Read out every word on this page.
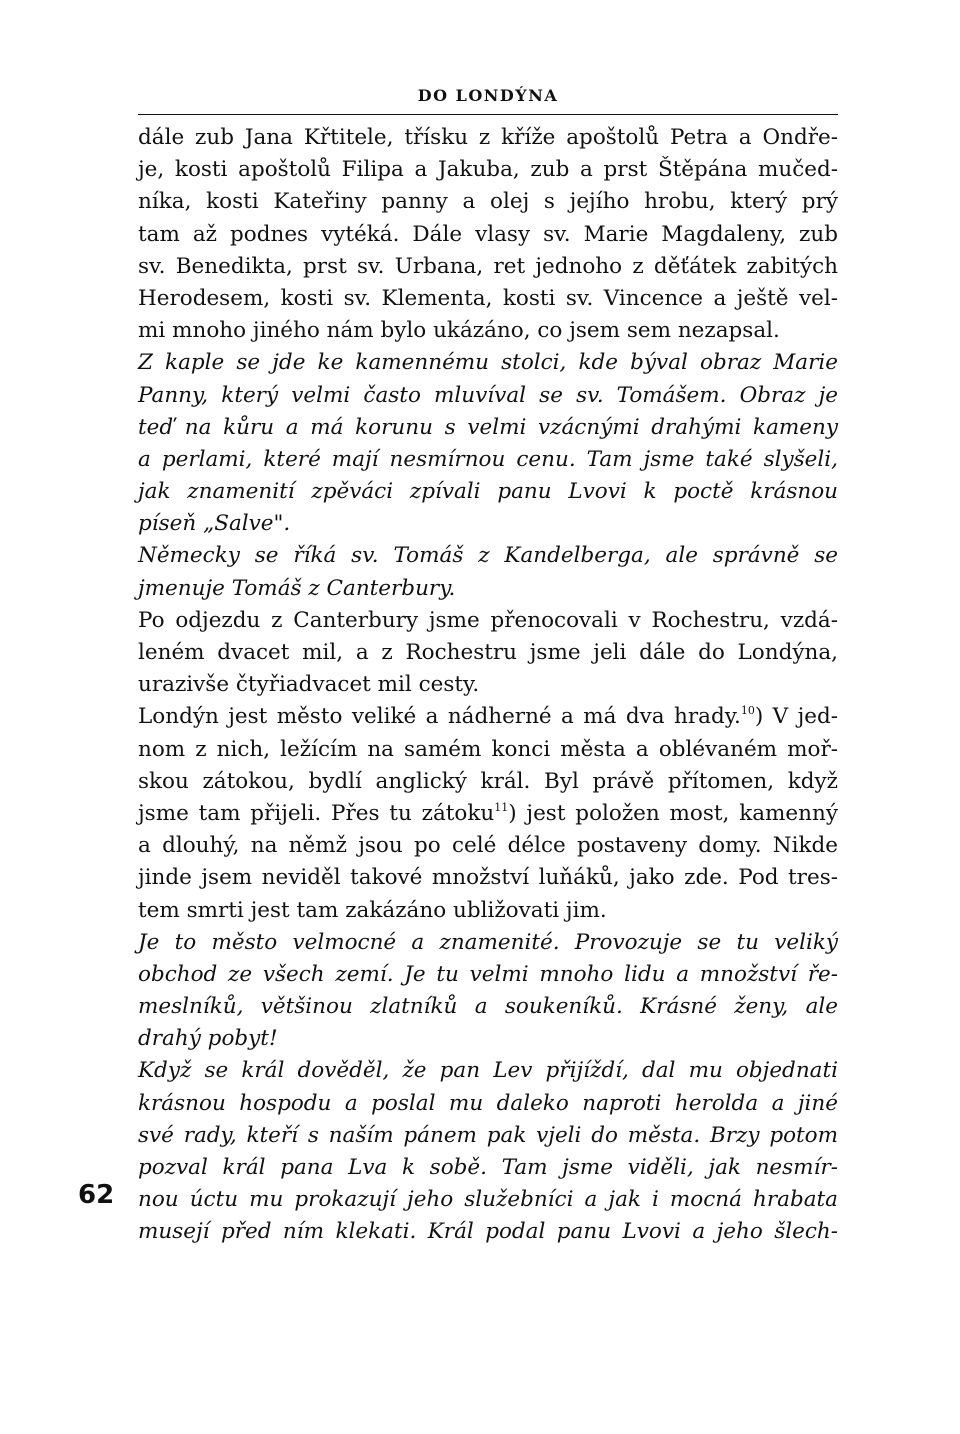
DO LONDÝNA
dále zub Jana Křtitele, třísku z kříže apoštolů Petra a Ondře-
je, kosti apoštolů Filipa a Jakuba, zub a prst Štěpána mučed-
níka, kosti Kateřiny panny a olej s jejího hrobu, který prý
tam až podnes vytéká. Dále vlasy sv. Marie Magdaleny, zub
sv. Benedikta, prst sv. Urbana, ret jednoho z děťátek zabitých
Herodesem, kosti sv. Klementa, kosti sv. Vincence a ještě vel-
mi mnoho jiného nám bylo ukázáno, co jsem sem nezapsal.
Z kaple se jde ke kamennému stolci, kde býval obraz Marie
Panny, který velmi často mluvíval se sv. Tomášem. Obraz je
teď na kůru a má korunu s velmi vzácnými drahými kameny
a perlami, které mají nesmírnou cenu. Tam jsme také slyšeli,
jak znamenití zpěváci zpívali panu Lvovi k poctě krásnou
píseň „Salve".
Německy se říká sv. Tomáš z Kandelberga, ale správně se
jmenuje Tomáš z Canterbury.
Po odjezdu z Canterbury jsme přenocovali v Rochestru, vzdá-
leném dvacet mil, a z Rochestru jsme jeli dále do Londýna,
urazivše čtyřiadvacet mil cesty.
Londýn jest město veliké a nádherné a má dva hrady.$^{10}$) V jed-
nom z nich, ležícím na samém konci města a oblévaném moř-
skou zátokou, bydlí anglický král. Byl právě přítomen, když
jsme tam přijeli. Přes tu zátoku$^{11}$) jest položen most, kamenný
a dlouhý, na němž jsou po celé délce postaveny domy. Nikde
jinde jsem neviděl takové množství luňáků, jako zde. Pod tres-
tem smrti jest tam zakázáno ubližovati jim.
Je to město velmocné a znamenité. Provozuje se tu veliký
obchod ze všech zemí. Je tu velmi mnoho lidu a množství ře-
meslníků, většinou zlatníků a soukeníků. Krásné ženy, ale
drahý pobyt!
Když se král dověděl, že pan Lev přijíždí, dal mu objednati
krásnou hospodu a poslal mu daleko naproti herolda a jiné
své rady, kteří s naším pánem pak vjeli do města. Brzy potom
pozval král pana Lva k sobě. Tam jsme viděli, jak nesmír-
nou úctu mu prokazují jeho služebníci a jak i mocná hrabata
musejí před ním klekati. Král podal panu Lvovi a jeho šlech-
62
